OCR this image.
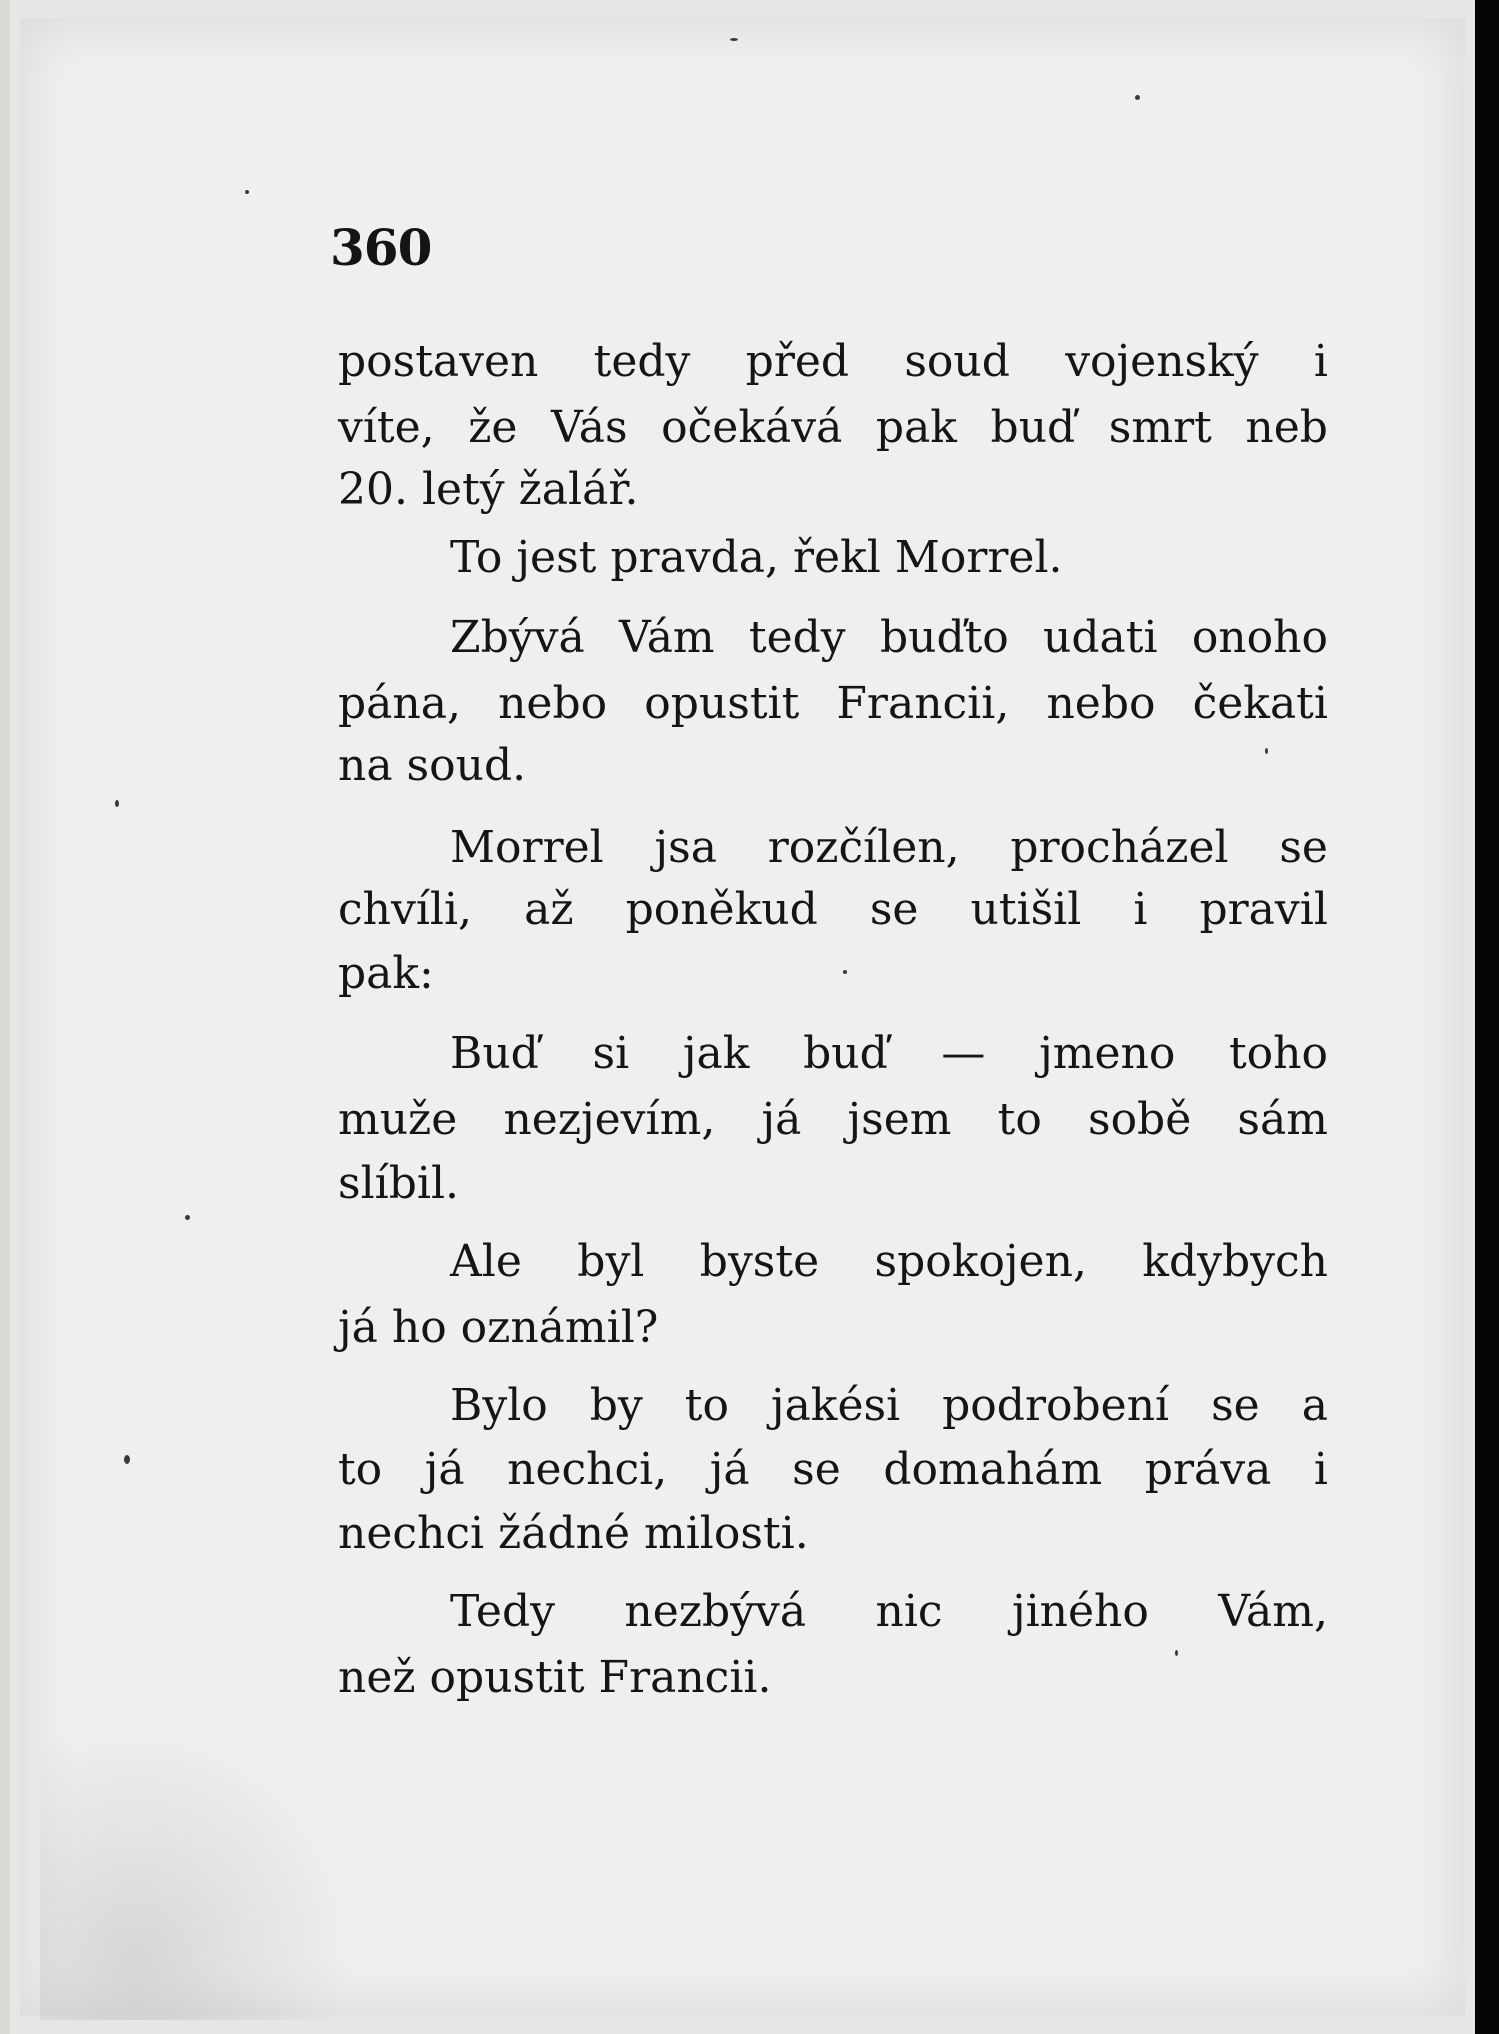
360
postaven tedy před soud vojenský i
víte, že Vás očekává pak buď smrt neb
20. letý žalář.
To jest pravda, řekl Morrel.
Zbývá Vám tedy buďto udati onoho
pána, nebo opustit Francii, nebo čekati
na soud.
Morrel jsa rozčílen, procházel se
chvíli, až poněkud se utišil i pravil
pak:
Buď si jak buď — jmeno toho
muže nezjevím, já jsem to sobě sám
slíbil.
Ale byl byste spokojen, kdybych
já ho oznámil?
Bylo by to jakési podrobení se a
to já nechci, já se domahám práva i
nechci žádné milosti.
Tedy nezbývá nic jiného Vám,
než opustit Francii.
